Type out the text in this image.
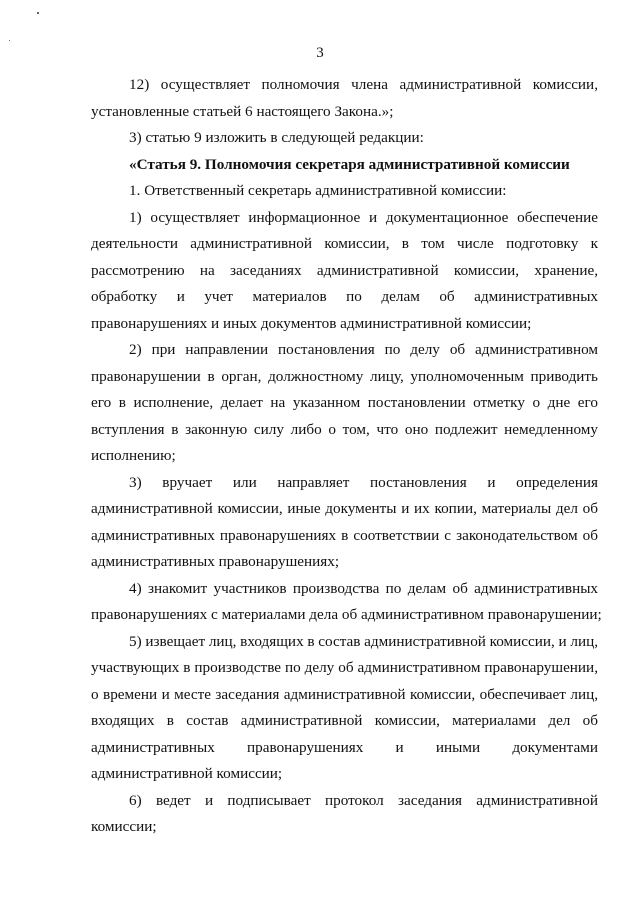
3
12) осуществляет полномочия члена административной комиссии,
установленные статьей 6 настоящего Закона.»;
3) статью 9 изложить в следующей редакции:
«Статья 9. Полномочия секретаря административной комиссии
1. Ответственный секретарь административной комиссии:
1) осуществляет информационное и документационное обеспечение
деятельности административной комиссии, в том числе подготовку к
рассмотрению на заседаниях административной комиссии, хранение,
обработку и учет материалов по делам об административных
правонарушениях и иных документов административной комиссии;
2) при направлении постановления по делу об административном
правонарушении в орган, должностному лицу, уполномоченным приводить
его в исполнение, делает на указанном постановлении отметку о дне его
вступления в законную силу либо о том, что оно подлежит немедленному
исполнению;
3) вручает или направляет постановления и определения
административной комиссии, иные документы и их копии, материалы дел об
административных правонарушениях в соответствии с законодательством об
административных правонарушениях;
4) знакомит участников производства по делам об административных
правонарушениях с материалами дела об административном правонарушении;
5) извещает лиц, входящих в состав административной комиссии, и лиц,
участвующих в производстве по делу об административном правонарушении,
о времени и месте заседания административной комиссии, обеспечивает лиц,
входящих в состав административной комиссии, материалами дел об
административных правонарушениях и иными документами
административной комиссии;
6) ведет и подписывает протокол заседания административной
комиссии;
